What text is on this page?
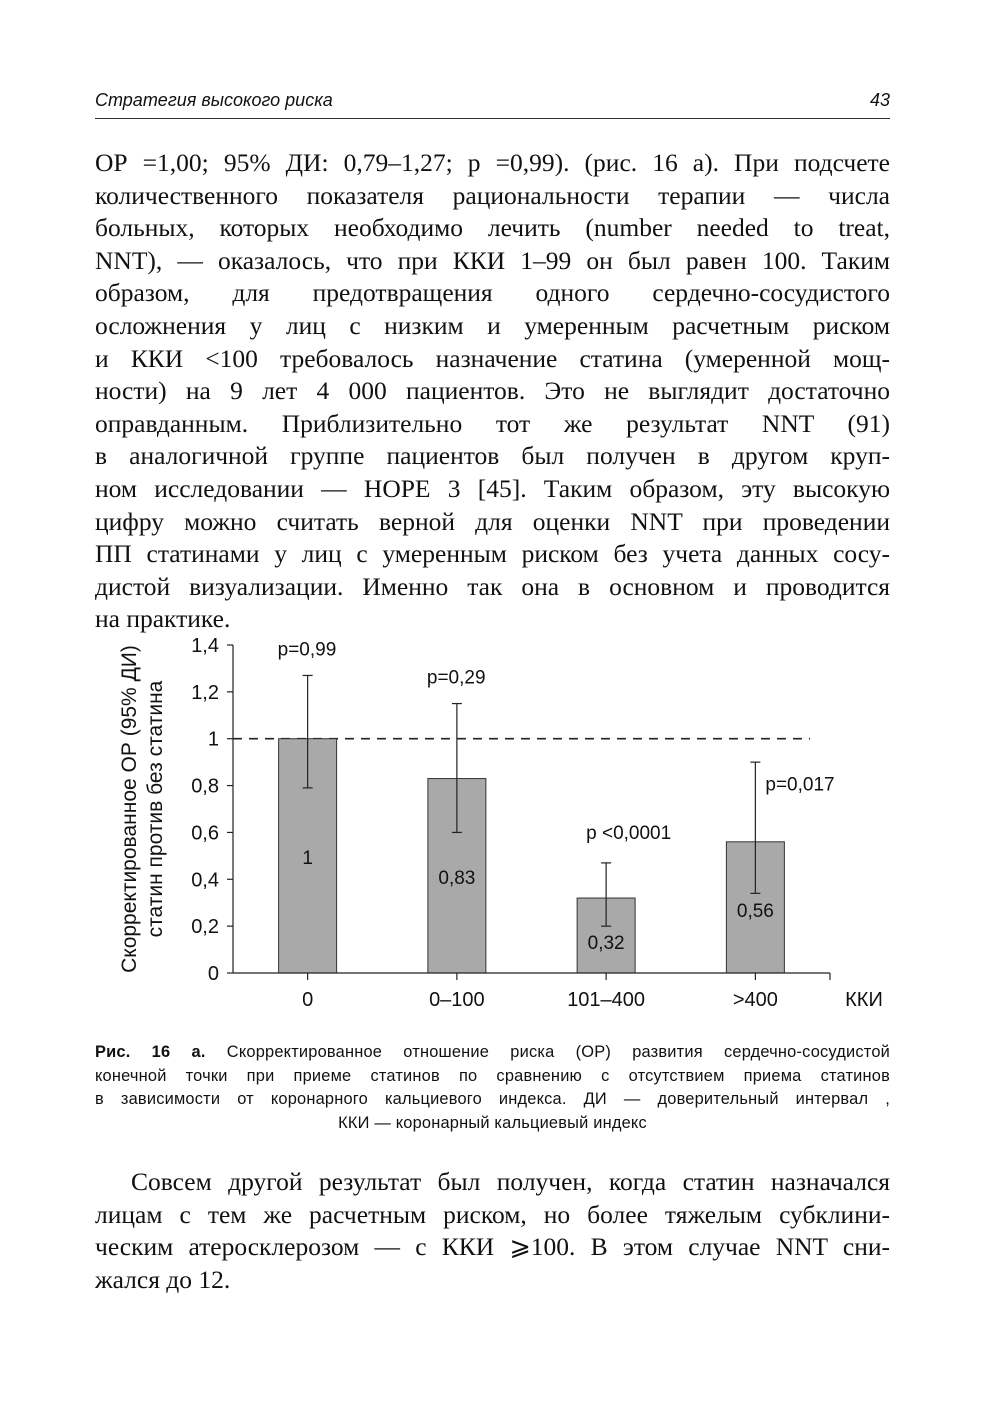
Стратегия высокого риска	43
ОР =1,00; 95% ДИ: 0,79–1,27; р =0,99). (рис. 16 а). При подсчете
количественного показателя рациональности терапии — числа
больных, которых необходимо лечить (number needed to treat,
NNT), — оказалось, что при ККИ 1–99 он был равен 100. Таким
образом, для предотвращения одного сердечно-сосудистого
осложнения у лиц с низким и умеренным расчетным риском
и ККИ <100 требовалось назначение статина (умеренной мощ-
ности) на 9 лет 4 000 пациентов. Это не выглядит достаточно
оправданным. Приблизительно тот же результат NNT (91)
в аналогичной группе пациентов был получен в другом круп-
ном исследовании — HOPE 3 [45]. Таким образом, эту высокую
цифру можно считать верной для оценки NNT при проведении
ПП статинами у лиц с умеренным риском без учета данных сосу-
дистой визуализации. Именно так она в основном и проводится
на практике.
Скорректированное ОР (95% ДИ) статин против без статина
0
0,2
0,4
0,6
0,8
1
1,2
1,4
1
p=0,99
0,83
p=0,29
0,32
p <0,0001
0,56
p=0,017
0	0–100	101–400	>400	ККИ
Рис. 16 а. Скорректированное отношение риска (ОР) развития сердечно-сосудистой
конечной точки при приеме статинов по сравнению с отсутствием приема статинов
в зависимости от коронарного кальциевого индекса. ДИ — доверительный интервал ,
ККИ — коронарный кальциевый индекс
Совсем другой результат был получен, когда статин назначался
лицам с тем же расчетным риском, но более тяжелым субклини-
ческим атеросклерозом — с ККИ ⩾100. В этом случае NNT сни-
жался до 12.
